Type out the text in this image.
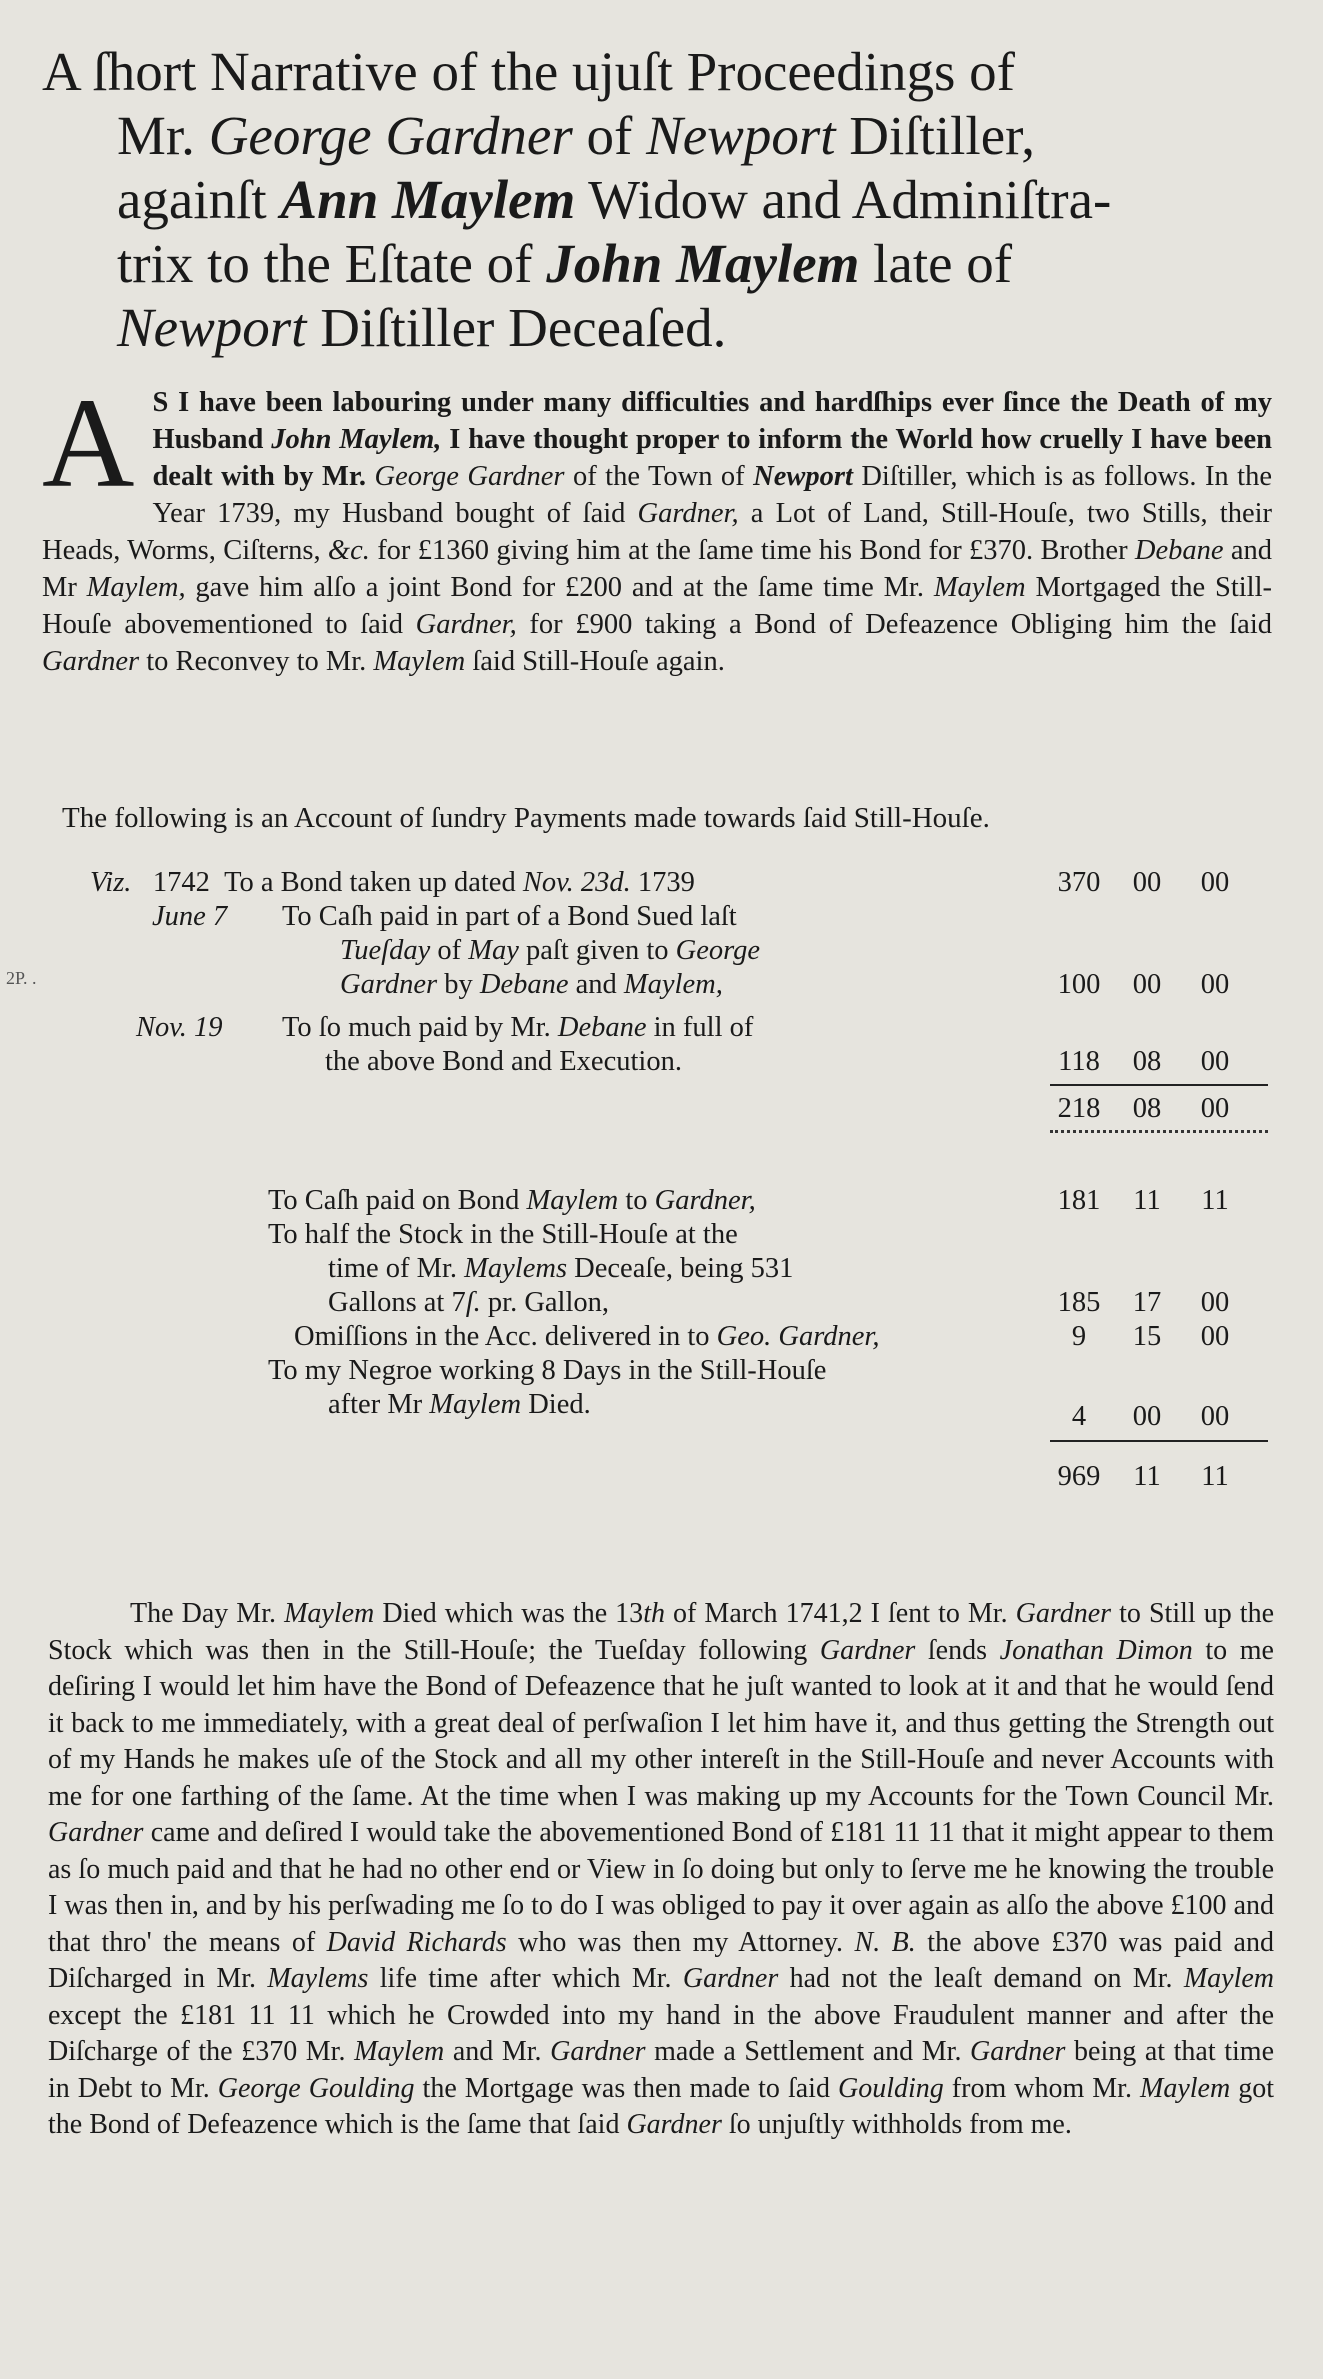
A ſhort Narrative of the ujuſt Proceedings of
Mr. George Gardner of Newport Diſtiller,
againſt Ann Maylem Widow and Adminiſtra-
trix to the Eſtate of John Maylem late of
Newport Diſtiller Deceaſed.

A S I have been labouring under many difficulties and hardſhips ever ſince the Death of my Husband John Maylem, I have thought proper to inform the World how cruelly I have been dealt with by Mr. George Gardner of the Town of Newport Diſtiller, which is as follows. In the Year 1739, my Husband bought of ſaid Gardner, a Lot of Land, Still-Houſe, two Stills, their Heads, Worms, Ciſterns, &c. for £1360 giving him at the ſame time his Bond for £370. Brother Debane and Mr Maylem, gave him alſo a joint Bond for £200 and at the ſame time Mr. Maylem Mortgaged the Still-Houſe abovementioned to ſaid Gardner, for £900 taking a Bond of Defeazence Obliging him the ſaid Gardner to Reconvey to Mr. Maylem ſaid Still-Houſe again.

The following is an Account of ſundry Payments made towards ſaid Still-Houſe.
2P. .
Viz. 1742 To a Bond taken up dated Nov. 23d. 1739	370 00 00
June 7 To Caſh paid in part of a Bond Sued laſt
Tueſday of May paſt given to George
Gardner by Debane and Maylem,	100 00 00
Nov. 19 To ſo much paid by Mr. Debane in full of
the above Bond and Execution.	118 08 00
218 08 00
To Caſh paid on Bond Maylem to Gardner,	181 11 11
To half the Stock in the Still-Houſe at the
time of Mr. Maylems Deceaſe, being 531
Gallons at 7ſ. pr. Gallon,	185 17 00
Omiſſions in the Acc. delivered in to Geo. Gardner,	9 15 00
To my Negroe working 8 Days in the Still-Houſe
after Mr Maylem Died.	4 00 00
969 11 11

The Day Mr. Maylem Died which was the 13th of March 1741,2 I ſent to Mr. Gardner to Still up the Stock which was then in the Still-Houſe; the Tueſday following Gardner ſends Jonathan Dimon to me deſiring I would let him have the Bond of Defeazence that he juſt wanted to look at it and that he would ſend it back to me immediately, with a great deal of perſwaſion I let him have it, and thus getting the Strength out of my Hands he makes uſe of the Stock and all my other intereſt in the Still-Houſe and never Accounts with me for one farthing of the ſame. At the time when I was making up my Accounts for the Town Council Mr. Gardner came and deſired I would take the abovementioned Bond of £181 11 11 that it might appear to them as ſo much paid and that he had no other end or View in ſo doing but only to ſerve me he knowing the trouble I was then in, and by his perſwading me ſo to do I was obliged to pay it over again as alſo the above £100 and that thro' the means of David Richards who was then my Attorney. N. B. the above £370 was paid and Diſcharged in Mr. Maylems life time after which Mr. Gardner had not the leaſt demand on Mr. Maylem except the £181 11 11 which he Crowded into my hand in the above Fraudulent manner and after the Diſcharge of the £370 Mr. Maylem and Mr. Gardner made a Settlement and Mr. Gardner being at that time in Debt to Mr. George Goulding the Mortgage was then made to ſaid Goulding from whom Mr. Maylem got the Bond of Defeazence which is the ſame that ſaid Gardner ſo unjuſtly withholds from me.
